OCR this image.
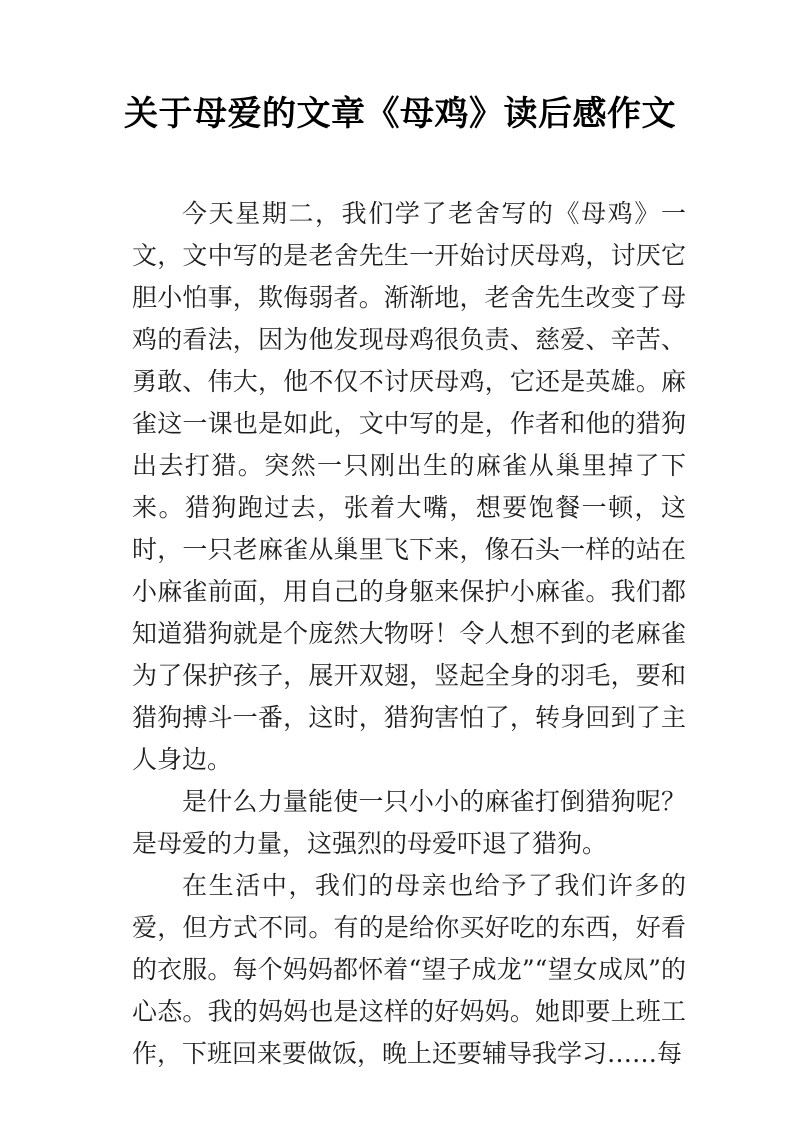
关于母爱的文章《母鸡》读后感作文

今天星期二，我们学了老舍写的《母鸡》一文，文中写的是老舍先生一开始讨厌母鸡，讨厌它胆小怕事，欺侮弱者。渐渐地，老舍先生改变了母鸡的看法，因为他发现母鸡很负责、慈爱、辛苦、勇敢、伟大，他不仅不讨厌母鸡，它还是英雄。麻雀这一课也是如此，文中写的是，作者和他的猎狗出去打猎。突然一只刚出生的麻雀从巢里掉了下来。猎狗跑过去，张着大嘴，想要饱餐一顿，这时，一只老麻雀从巢里飞下来，像石头一样的站在小麻雀前面，用自己的身躯来保护小麻雀。我们都知道猎狗就是个庞然大物呀！令人想不到的老麻雀为了保护孩子，展开双翅，竖起全身的羽毛，要和猎狗搏斗一番，这时，猎狗害怕了，转身回到了主人身边。

是什么力量能使一只小小的麻雀打倒猎狗呢？是母爱的力量，这强烈的母爱吓退了猎狗。

在生活中，我们的母亲也给予了我们许多的爱，但方式不同。有的是给你买好吃的东西，好看的衣服。每个妈妈都怀着“望子成龙”“望女成凤”的心态。我的妈妈也是这样的好妈妈。她即要上班工作，下班回来要做饭，晚上还要辅导我学习……每
